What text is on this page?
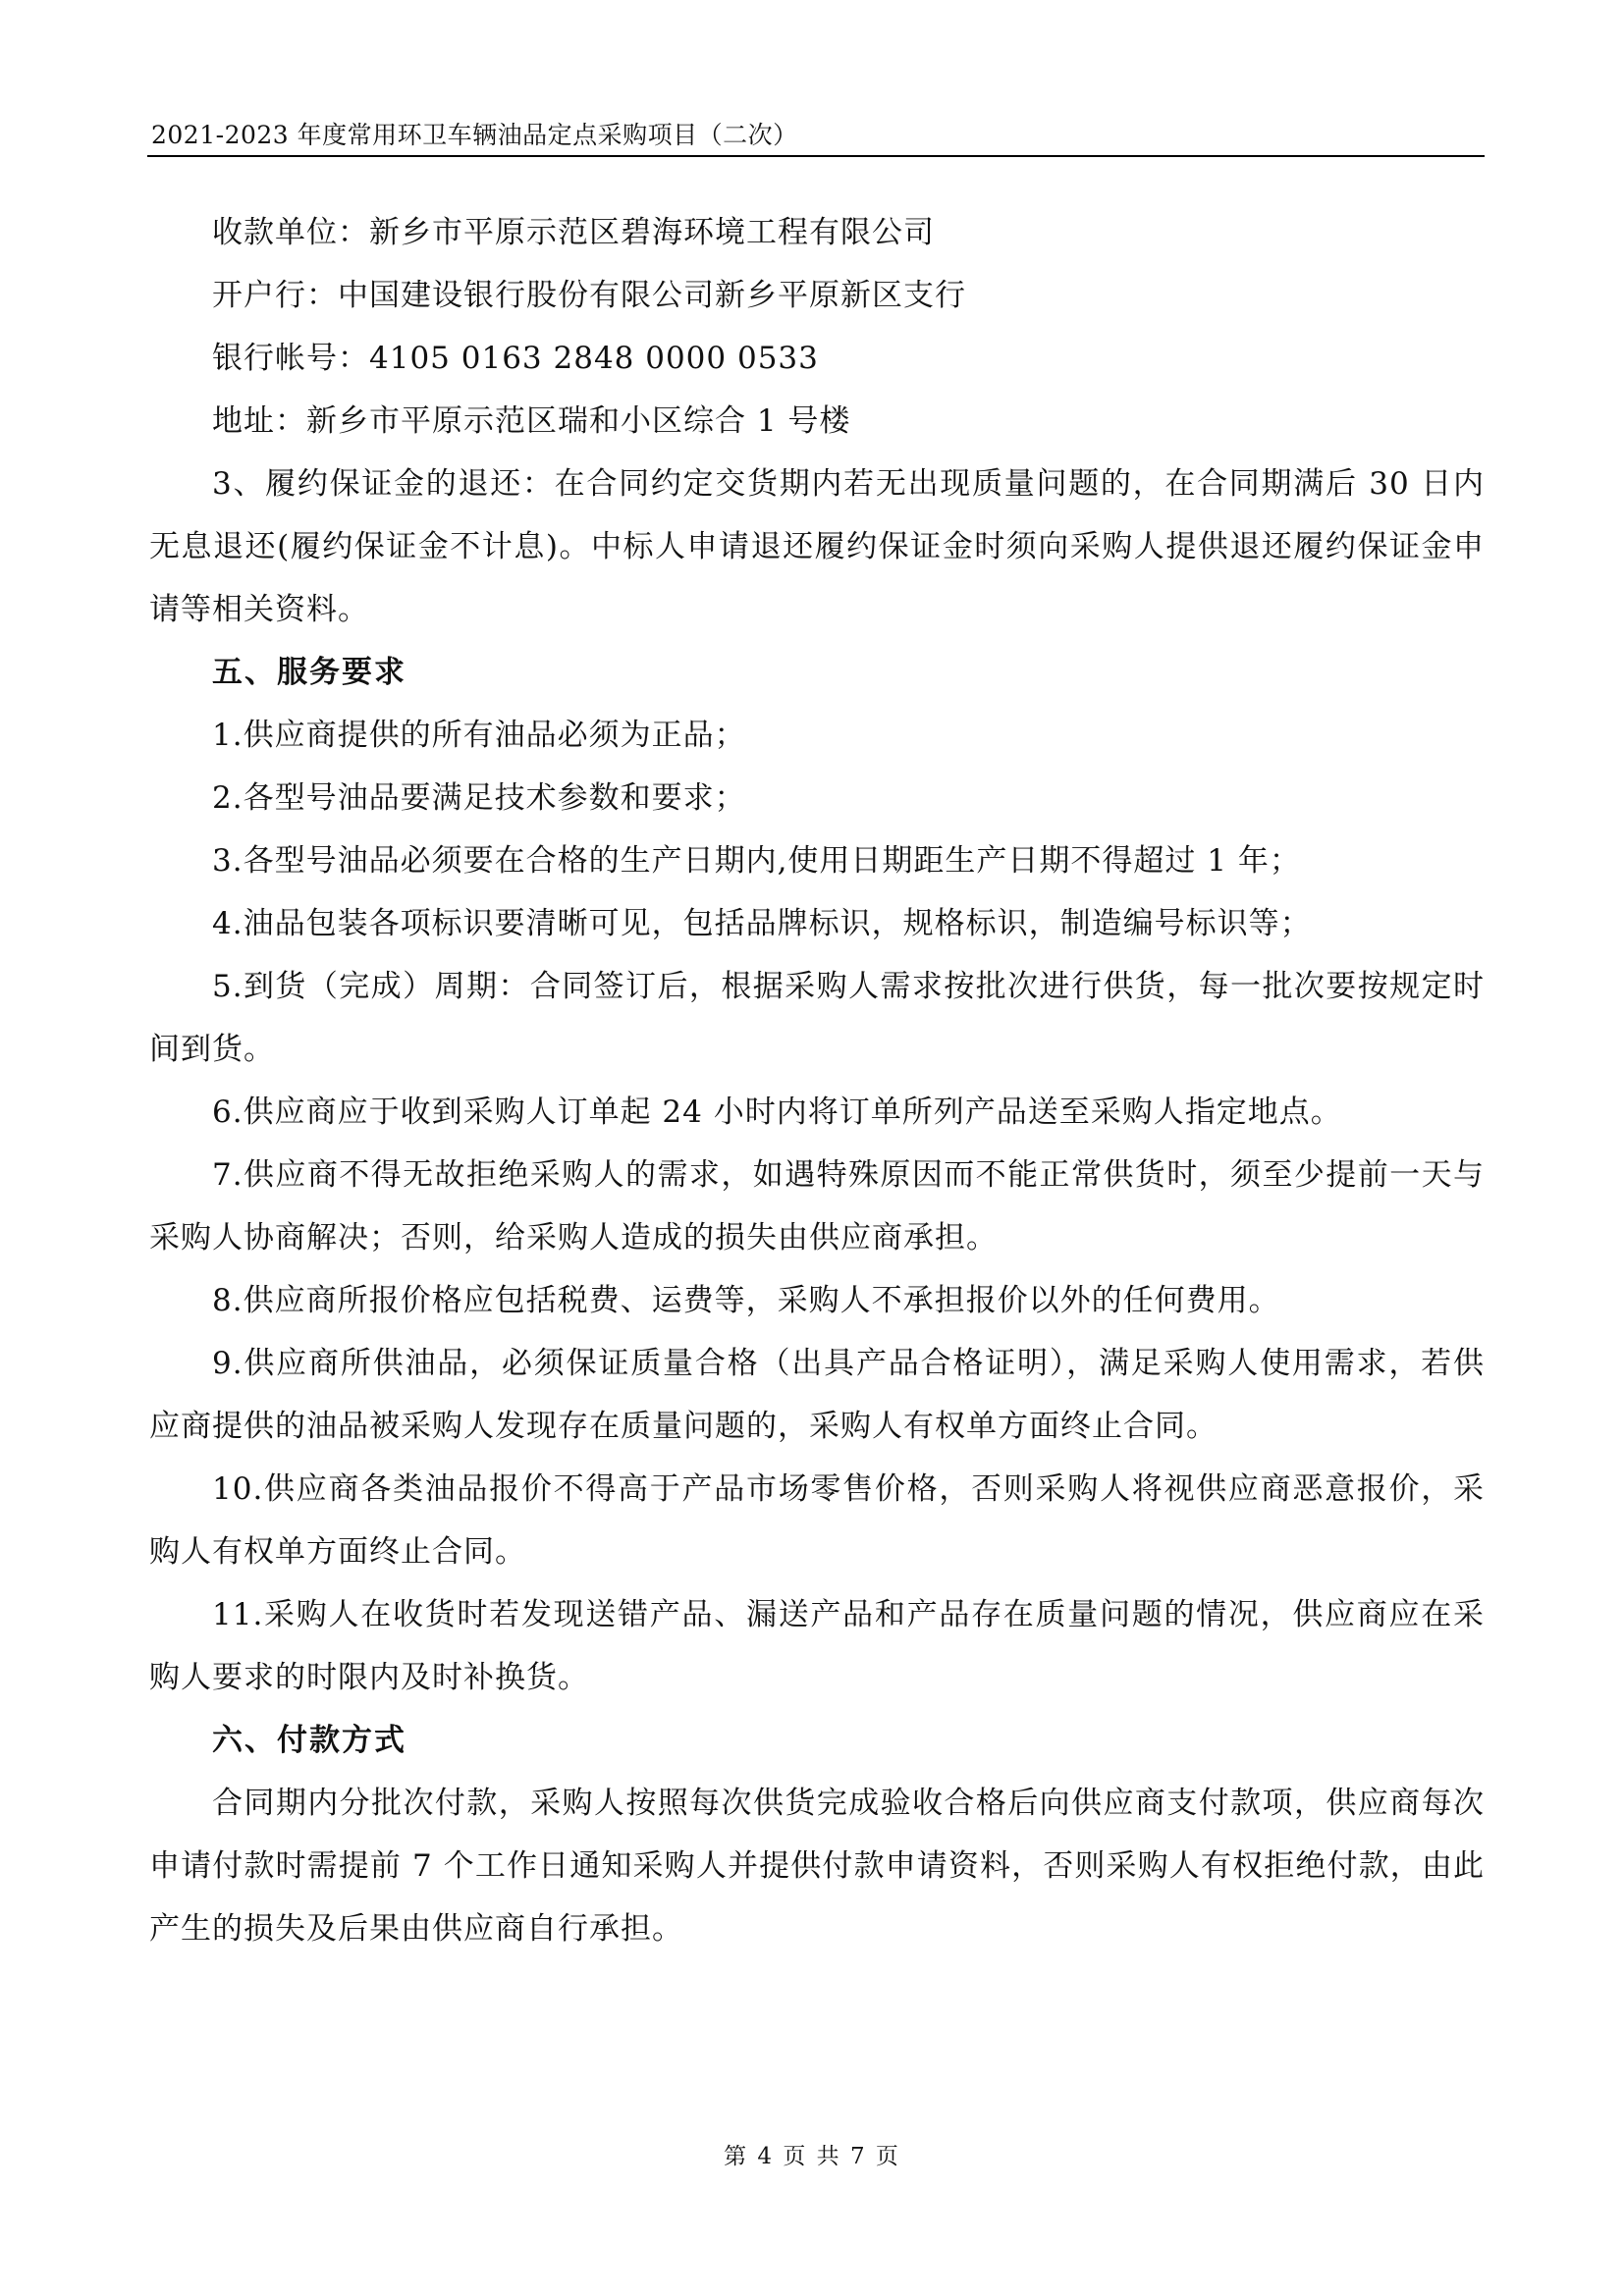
2021-2023 年度常用环卫车辆油品定点采购项目（二次）

收款单位：新乡市平原示范区碧海环境工程有限公司

开户行：中国建设银行股份有限公司新乡平原新区支行

银行帐号：4105 0163 2848 0000 0533

地址：新乡市平原示范区瑞和小区综合 1 号楼

3、履约保证金的退还：在合同约定交货期内若无出现质量问题的，在合同期满后 30 日内无息退还(履约保证金不计息)。中标人申请退还履约保证金时须向采购人提供退还履约保证金申请等相关资料。

五、服务要求

1.供应商提供的所有油品必须为正品；

2.各型号油品要满足技术参数和要求；

3.各型号油品必须要在合格的生产日期内,使用日期距生产日期不得超过 1 年；

4.油品包装各项标识要清晰可见，包括品牌标识，规格标识，制造编号标识等；

5.到货（完成）周期：合同签订后，根据采购人需求按批次进行供货，每一批次要按规定时间到货。

6.供应商应于收到采购人订单起 24 小时内将订单所列产品送至采购人指定地点。

7.供应商不得无故拒绝采购人的需求，如遇特殊原因而不能正常供货时，须至少提前一天与采购人协商解决；否则，给采购人造成的损失由供应商承担。

8.供应商所报价格应包括税费、运费等，采购人不承担报价以外的任何费用。

9.供应商所供油品，必须保证质量合格（出具产品合格证明），满足采购人使用需求，若供应商提供的油品被采购人发现存在质量问题的，采购人有权单方面终止合同。

10.供应商各类油品报价不得高于产品市场零售价格，否则采购人将视供应商恶意报价，采购人有权单方面终止合同。

11.采购人在收货时若发现送错产品、漏送产品和产品存在质量问题的情况，供应商应在采购人要求的时限内及时补换货。

六、付款方式

合同期内分批次付款，采购人按照每次供货完成验收合格后向供应商支付款项，供应商每次申请付款时需提前 7 个工作日通知采购人并提供付款申请资料，否则采购人有权拒绝付款，由此产生的损失及后果由供应商自行承担。

第 4 页 共 7 页
